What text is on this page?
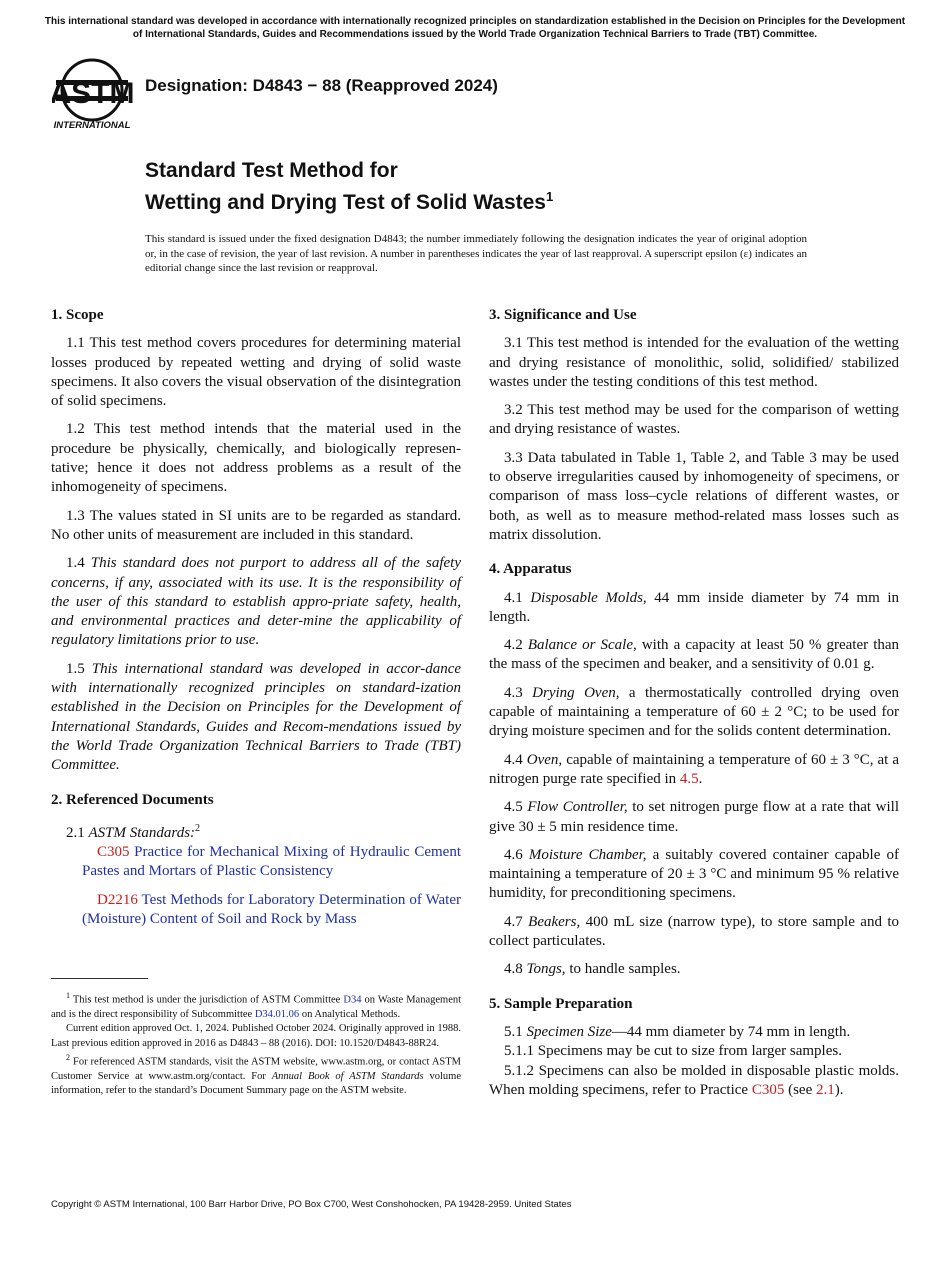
This international standard was developed in accordance with internationally recognized principles on standardization established in the Decision on Principles for the Development of International Standards, Guides and Recommendations issued by the World Trade Organization Technical Barriers to Trade (TBT) Committee.
ASTM
INTERNATIONAL
Designation: D4843 − 88 (Reapproved 2024)
Standard Test Method for
Wetting and Drying Test of Solid Wastes$^1$
This standard is issued under the fixed designation D4843; the number immediately following the designation indicates the year of original adoption or, in the case of revision, the year of last revision. A number in parentheses indicates the year of last reapproval. A superscript epsilon (ε) indicates an editorial change since the last revision or reapproval.
1. Scope

1.1 This test method covers procedures for determining material losses produced by repeated wetting and drying of solid waste specimens. It also covers the visual observation of the disintegration of solid specimens.

1.2 This test method intends that the material used in the procedure be physically, chemically, and biologically represen-tative; hence it does not address problems as a result of the inhomogeneity of specimens.

1.3 The values stated in SI units are to be regarded as standard. No other units of measurement are included in this standard.

1.4 This standard does not purport to address all of the safety concerns, if any, associated with its use. It is the responsibility of the user of this standard to establish appro-priate safety, health, and environmental practices and deter-mine the applicability of regulatory limitations prior to use.

1.5 This international standard was developed in accor-dance with internationally recognized principles on standard-ization established in the Decision on Principles for the Development of International Standards, Guides and Recom-mendations issued by the World Trade Organization Technical Barriers to Trade (TBT) Committee.

2. Referenced Documents

2.1 ASTM Standards:$^2$

C305 Practice for Mechanical Mixing of Hydraulic Cement Pastes and Mortars of Plastic Consistency

D2216 Test Methods for Laboratory Determination of Water (Moisture) Content of Soil and Rock by Mass

$^1$ This test method is under the jurisdiction of ASTM Committee D34 on Waste Management and is the direct responsibility of Subcommittee D34.01.06 on Analytical Methods.

Current edition approved Oct. 1, 2024. Published October 2024. Originally approved in 1988. Last previous edition approved in 2016 as D4843 – 88 (2016). DOI: 10.1520/D4843-88R24.

$^2$ For referenced ASTM standards, visit the ASTM website, www.astm.org, or contact ASTM Customer Service at www.astm.org/contact. For Annual Book of ASTM Standards volume information, refer to the standard’s Document Summary page on the ASTM website.

3. Significance and Use

3.1 This test method is intended for the evaluation of the wetting and drying resistance of monolithic, solid, solidified/ stabilized wastes under the testing conditions of this test method.

3.2 This test method may be used for the comparison of wetting and drying resistance of wastes.

3.3 Data tabulated in Table 1, Table 2, and Table 3 may be used to observe irregularities caused by inhomogeneity of specimens, or comparison of mass loss–cycle relations of different wastes, or both, as well as to measure method-related mass losses such as matrix dissolution.

4. Apparatus

4.1 Disposable Molds, 44 mm inside diameter by 74 mm in length.

4.2 Balance or Scale, with a capacity at least 50 % greater than the mass of the specimen and beaker, and a sensitivity of 0.01 g.

4.3 Drying Oven, a thermostatically controlled drying oven capable of maintaining a temperature of 60 ± 2 °C; to be used for drying moisture specimen and for the solids content determination.

4.4 Oven, capable of maintaining a temperature of 60 ± 3 °C, at a nitrogen purge rate specified in 4.5.

4.5 Flow Controller, to set nitrogen purge flow at a rate that will give 30 ± 5 min residence time.

4.6 Moisture Chamber, a suitably covered container capable of maintaining a temperature of 20 ± 3 °C and minimum 95 % relative humidity, for preconditioning specimens.

4.7 Beakers, 400 mL size (narrow type), to store sample and to collect particulates.

4.8 Tongs, to handle samples.

5. Sample Preparation

5.1 Specimen Size—44 mm diameter by 74 mm in length.

5.1.1 Specimens may be cut to size from larger samples.

5.1.2 Specimens can also be molded in disposable plastic molds. When molding specimens, refer to Practice C305 (see 2.1).

Copyright © ASTM International, 100 Barr Harbor Drive, PO Box C700, West Conshohocken, PA 19428-2959. United States
